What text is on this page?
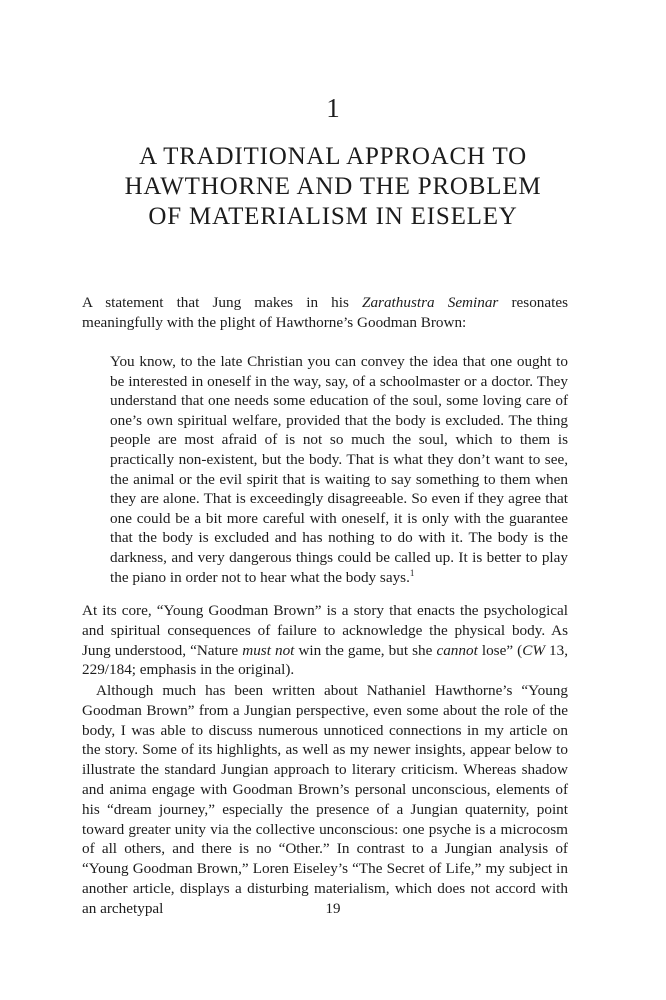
1
A TRADITIONAL APPROACH TO
HAWTHORNE AND THE PROBLEM
OF MATERIALISM IN EISELEY

A statement that Jung makes in his Zarathustra Seminar resonates meaningfully with the plight of Hawthorne’s Goodman Brown:

You know, to the late Christian you can convey the idea that one ought to be interested in oneself in the way, say, of a schoolmaster or a doctor. They understand that one needs some education of the soul, some loving care of one’s own spiritual welfare, provided that the body is excluded. The thing people are most afraid of is not so much the soul, which to them is practically non-existent, but the body. That is what they don’t want to see, the animal or the evil spirit that is waiting to say something to them when they are alone. That is exceedingly disagreeable. So even if they agree that one could be a bit more careful with oneself, it is only with the guarantee that the body is excluded and has nothing to do with it. The body is the darkness, and very dangerous things could be called up. It is better to play the piano in order not to hear what the body says.$^1$

At its core, “Young Goodman Brown” is a story that enacts the psychological and spiritual consequences of failure to acknowledge the physical body. As Jung understood, “Nature must not win the game, but she cannot lose” (CW 13, 229/184; emphasis in the original).

Although much has been written about Nathaniel Hawthorne’s “Young Goodman Brown” from a Jungian perspective, even some about the role of the body, I was able to discuss numerous unnoticed connections in my article on the story. Some of its highlights, as well as my newer insights, appear below to illustrate the standard Jungian approach to literary criticism. Whereas shadow and anima engage with Goodman Brown’s personal unconscious, elements of his “dream journey,” especially the presence of a Jungian quaternity, point toward greater unity via the collective unconscious: one psyche is a microcosm of all others, and there is no “Other.” In contrast to a Jungian analysis of “Young Goodman Brown,” Loren Eiseley’s “The Secret of Life,” my subject in another article, displays a disturbing materialism, which does not accord with an archetypal	19
